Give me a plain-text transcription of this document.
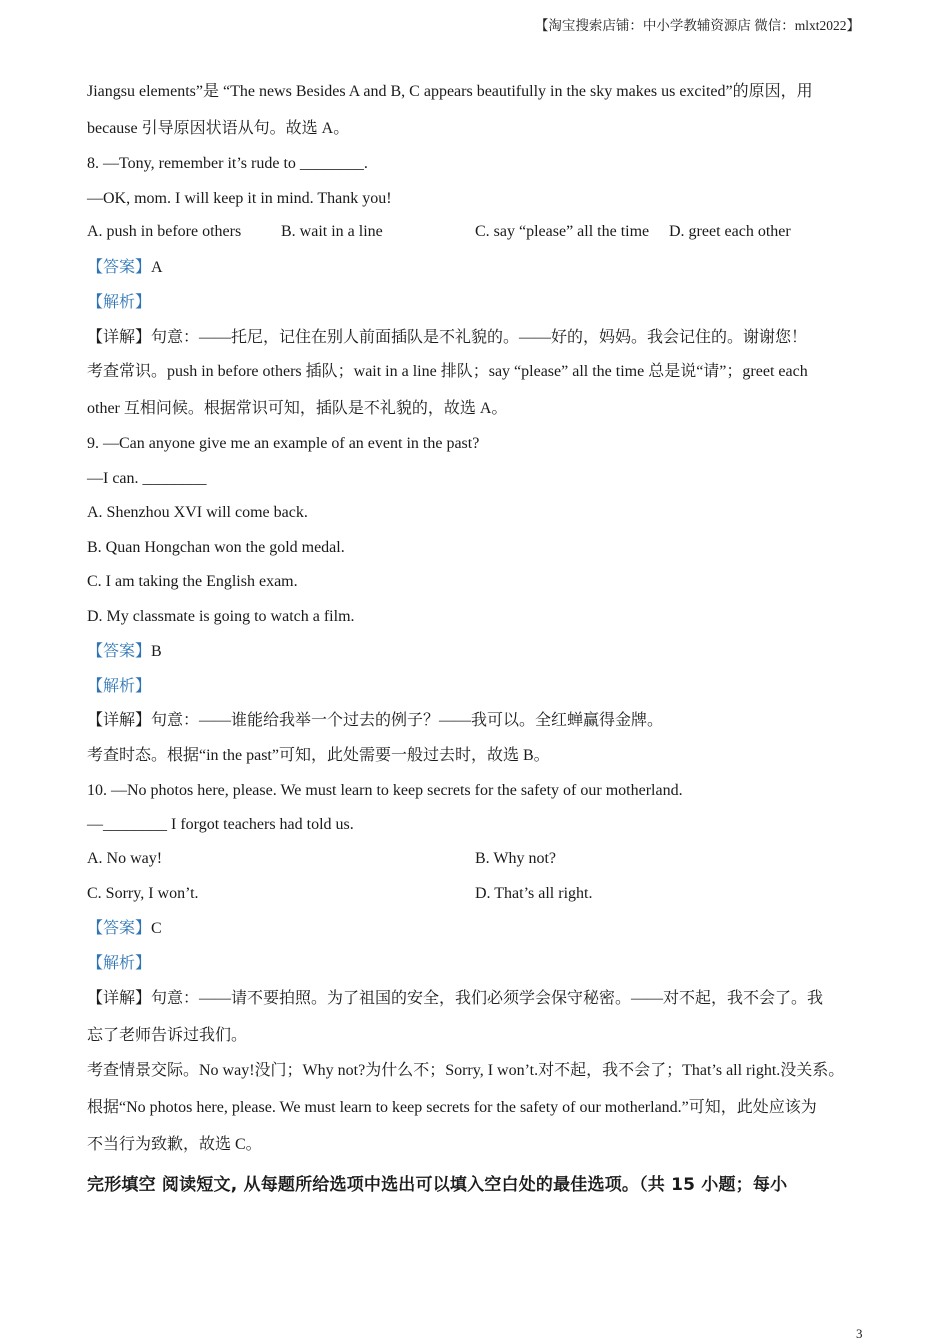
【淘宝搜索店铺：中小学教辅资源店 微信：mlxt2022】
Jiangsu elements”是 “The news Besides A and B, C appears beautifully in the sky makes us excited”的原因，用
because 引导原因状语从句。故选 A。
8. —Tony, remember it’s rude to ________.
—OK, mom. I will keep it in mind. Thank you!
A. push in before others B. wait in a line	C. say “please” all the time D. greet each other
【答案】A
【解析】
【详解】句意：——托尼，记住在别人前面插队是不礼貌的。——好的，妈妈。我会记住的。谢谢您！
考查常识。push in before others 插队；wait in a line 排队；say “please” all the time 总是说“请”；greet each
other 互相问候。根据常识可知，插队是不礼貌的，故选 A。
9. —Can anyone give me an example of an event in the past?
—I can. ________
A. Shenzhou XVI will come back.
B. Quan Hongchan won the gold medal.
C. I am taking the English exam.
D. My classmate is going to watch a film.
【答案】B
【解析】
【详解】句意：——谁能给我举一个过去的例子？——我可以。全红蝉赢得金牌。
考查时态。根据“in the past”可知，此处需要一般过去时，故选 B。
10. —No photos here, please. We must learn to keep secrets for the safety of our motherland.
—________ I forgot teachers had told us.
A. No way!	B. Why not?
C. Sorry, I won’t.	D. That’s all right.
【答案】C
【解析】
【详解】句意：——请不要拍照。为了祖国的安全，我们必须学会保守秘密。——对不起，我不会了。我
忘了老师告诉过我们。
考查情景交际。No way!没门；Why not?为什么不；Sorry, I won’t.对不起，我不会了；That’s all right.没关系。
根据“No photos here, please. We must learn to keep secrets for the safety of our motherland.”可知，此处应该为
不当行为致歉，故选 C。
完形填空 阅读短文, 从每题所给选项中选出可以填入空白处的最佳选项。（共 15 小题；每小
3
